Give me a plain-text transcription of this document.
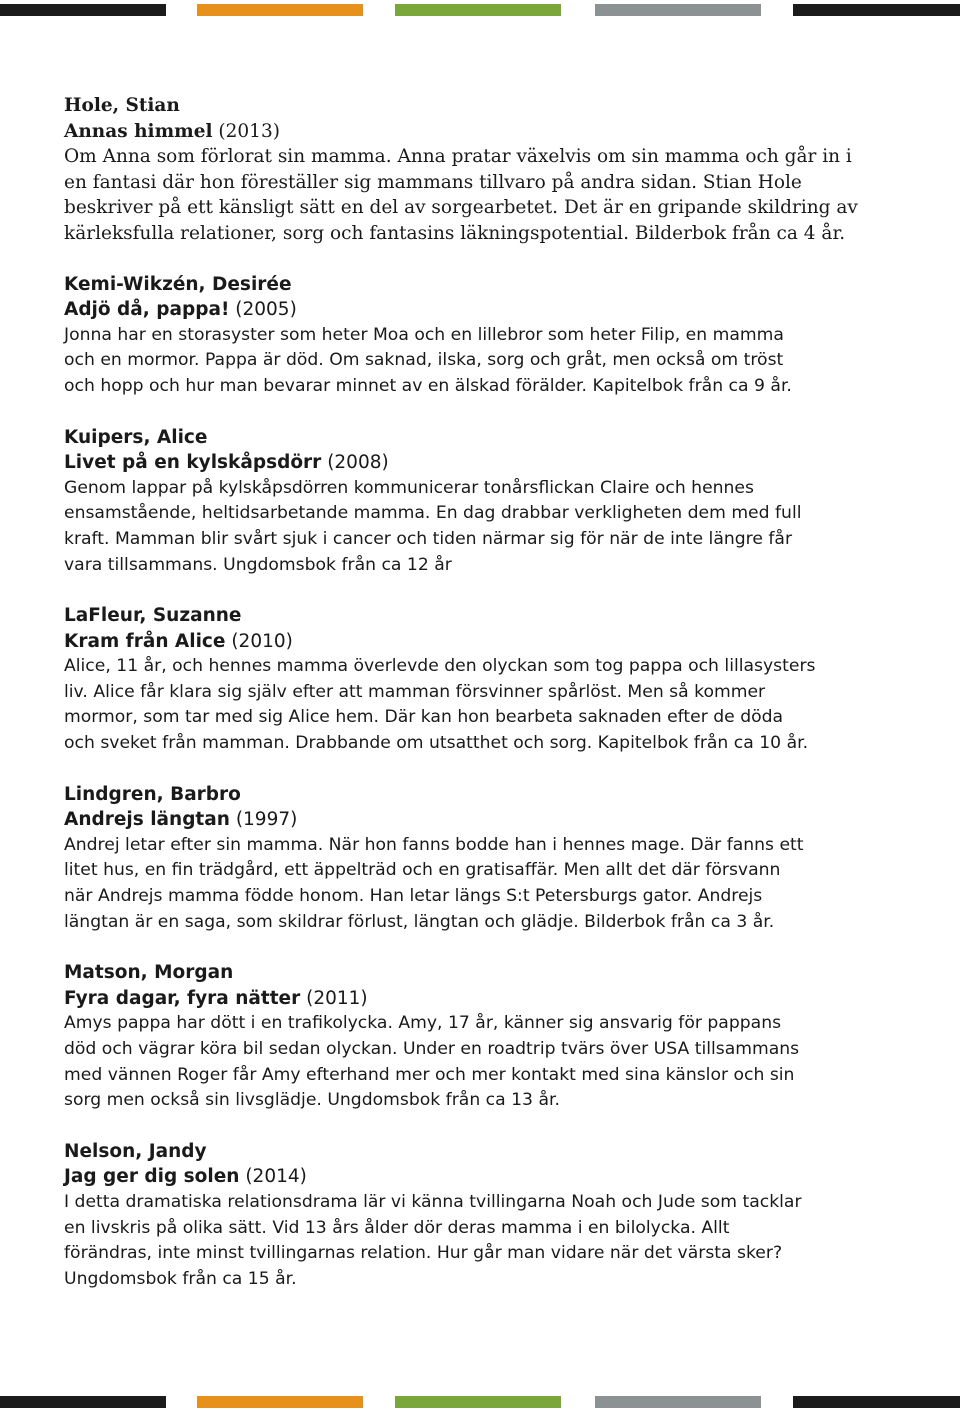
Hole, Stian
Annas himmel (2013)

Om Anna som förlorat sin mamma. Anna pratar växelvis om sin mamma och går in i
en fantasi där hon föreställer sig mammans tillvaro på andra sidan. Stian Hole
beskriver på ett känsligt sätt en del av sorgearbetet. Det är en gripande skildring av
kärleksfulla relationer, sorg och fantasins läkningspotential. Bilderbok från ca 4 år.

Kemi-Wikzén, Desirée
Adjö då, pappa! (2005)

Jonna har en storasyster som heter Moa och en lillebror som heter Filip, en mamma
och en mormor. Pappa är död. Om saknad, ilska, sorg och gråt, men också om tröst
och hopp och hur man bevarar minnet av en älskad förälder. Kapitelbok från ca 9 år.

Kuipers, Alice
Livet på en kylskåpsdörr (2008)

Genom lappar på kylskåpsdörren kommunicerar tonårsflickan Claire och hennes
ensamstående, heltidsarbetande mamma. En dag drabbar verkligheten dem med full
kraft. Mamman blir svårt sjuk i cancer och tiden närmar sig för när de inte längre får
vara tillsammans. Ungdomsbok från ca 12 år

LaFleur, Suzanne
Kram från Alice (2010)

Alice, 11 år, och hennes mamma överlevde den olyckan som tog pappa och lillasysters
liv. Alice får klara sig själv efter att mamman försvinner spårlöst. Men så kommer
mormor, som tar med sig Alice hem. Där kan hon bearbeta saknaden efter de döda
och sveket från mamman. Drabbande om utsatthet och sorg. Kapitelbok från ca 10 år.

Lindgren, Barbro
Andrejs längtan (1997)

Andrej letar efter sin mamma. När hon fanns bodde han i hennes mage. Där fanns ett
litet hus, en fin trädgård, ett äppelträd och en gratisaffär. Men allt det där försvann
när Andrejs mamma födde honom. Han letar längs S:t Petersburgs gator. Andrejs
längtan är en saga, som skildrar förlust, längtan och glädje. Bilderbok från ca 3 år.

Matson, Morgan
Fyra dagar, fyra nätter (2011)

Amys pappa har dött i en trafikolycka. Amy, 17 år, känner sig ansvarig för pappans
död och vägrar köra bil sedan olyckan. Under en roadtrip tvärs över USA tillsammans
med vännen Roger får Amy efterhand mer och mer kontakt med sina känslor och sin
sorg men också sin livsglädje. Ungdomsbok från ca 13 år.

Nelson, Jandy
Jag ger dig solen (2014)

I detta dramatiska relationsdrama lär vi känna tvillingarna Noah och Jude som tacklar
en livskris på olika sätt. Vid 13 års ålder dör deras mamma i en bilolycka. Allt
förändras, inte minst tvillingarnas relation. Hur går man vidare när det värsta sker?
Ungdomsbok från ca 15 år.
